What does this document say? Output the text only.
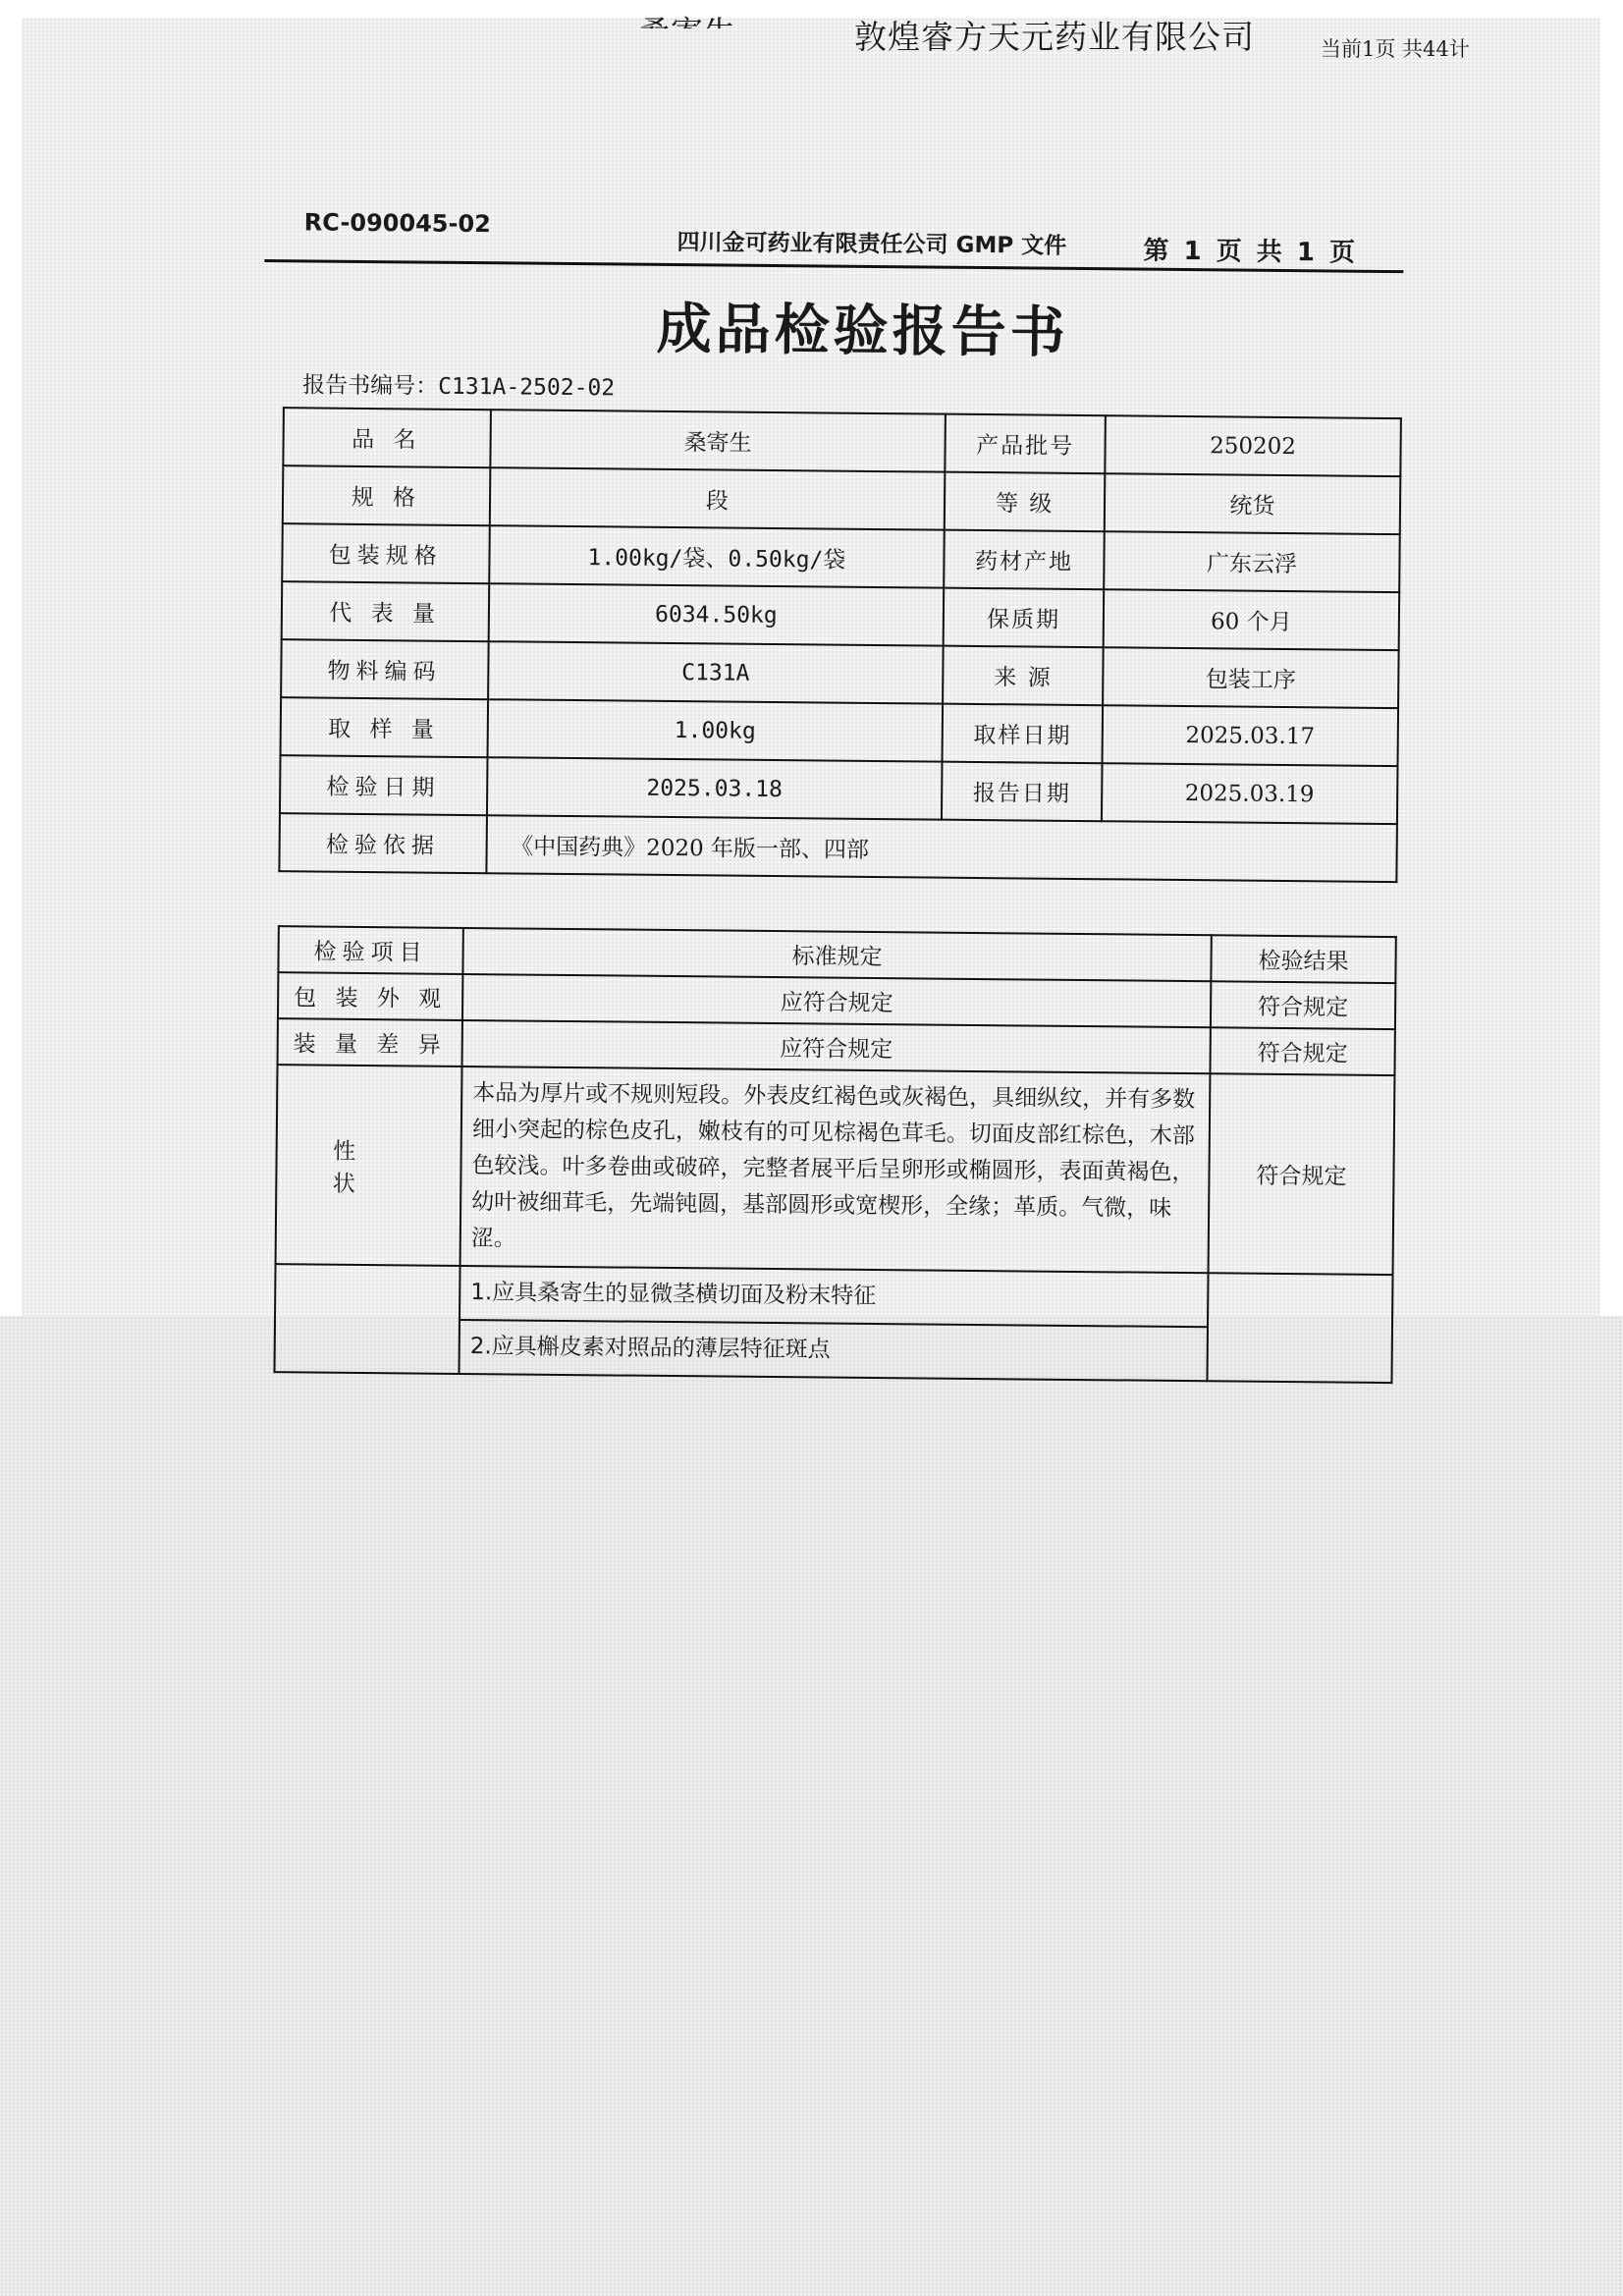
敦煌睿方天元药业有限公司	当前1页 共44计
RC-090045-02
四川金可药业有限责任公司 GMP 文件	第 1 页 共 1 页
成品检验报告书
报告书编号：C131A-2502-02
品 名	桑寄生	产品批号	250202
规 格	段	等 级	统货
包装规格	1.00kg/袋、0.50kg/袋	药材产地	广东云浮
代 表 量	6034.50kg	保质期	60 个月
物料编码	C131A	来 源	包装工序
取 样 量	1.00kg	取样日期	2025.03.17
检验日期	2025.03.18	报告日期	2025.03.19
检验依据	《中国药典》2020 年版一部、四部		
检验项目	标准规定	检验结果
包 装 外 观	应符合规定	符合规定
装 量 差 异	应符合规定	符合规定
性 状	本品为厚片或不规则短段。外表皮红褐色或灰褐色，具细纵纹，并有多数细小突起的棕色皮孔，嫩枝有的可见棕褐色茸毛。切面皮部红棕色，木部色较浅。叶多卷曲或破碎，完整者展平后呈卵形或椭圆形，表面黄褐色，幼叶被细茸毛，先端钝圆，基部圆形或宽楔形，全缘；革质。气微，味涩。	符合规定
	1.应具桑寄生的显微茎横切面及粉末特征	
	2.应具槲皮素对照品的薄层特征斑点	
